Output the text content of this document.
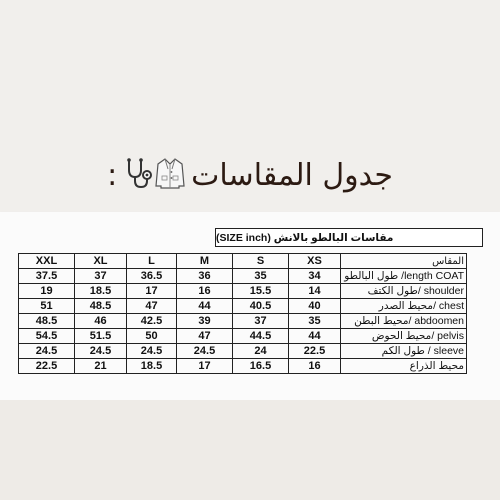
جدول المقاسات
:
مقاسات البالطو بالانش (SIZE inch)
XXL	XL	L	M	S	XS	المقاس
37.5	37	36.5	36	35	34	طول البالطو /length COAT
19	18.5	17	16	15.5	14	طول الكتف/ shoulder
51	48.5	47	44	40.5	40	محيط الصدر/ chest
48.5	46	42.5	39	37	35	محيط البطن/ abdoomen
54.5	51.5	50	47	44.5	44	محيط الحوض/ pelvis
24.5	24.5	24.5	24.5	24	22.5	طول الكم / sleeve
22.5	21	18.5	17	16.5	16	محيط الذراع
